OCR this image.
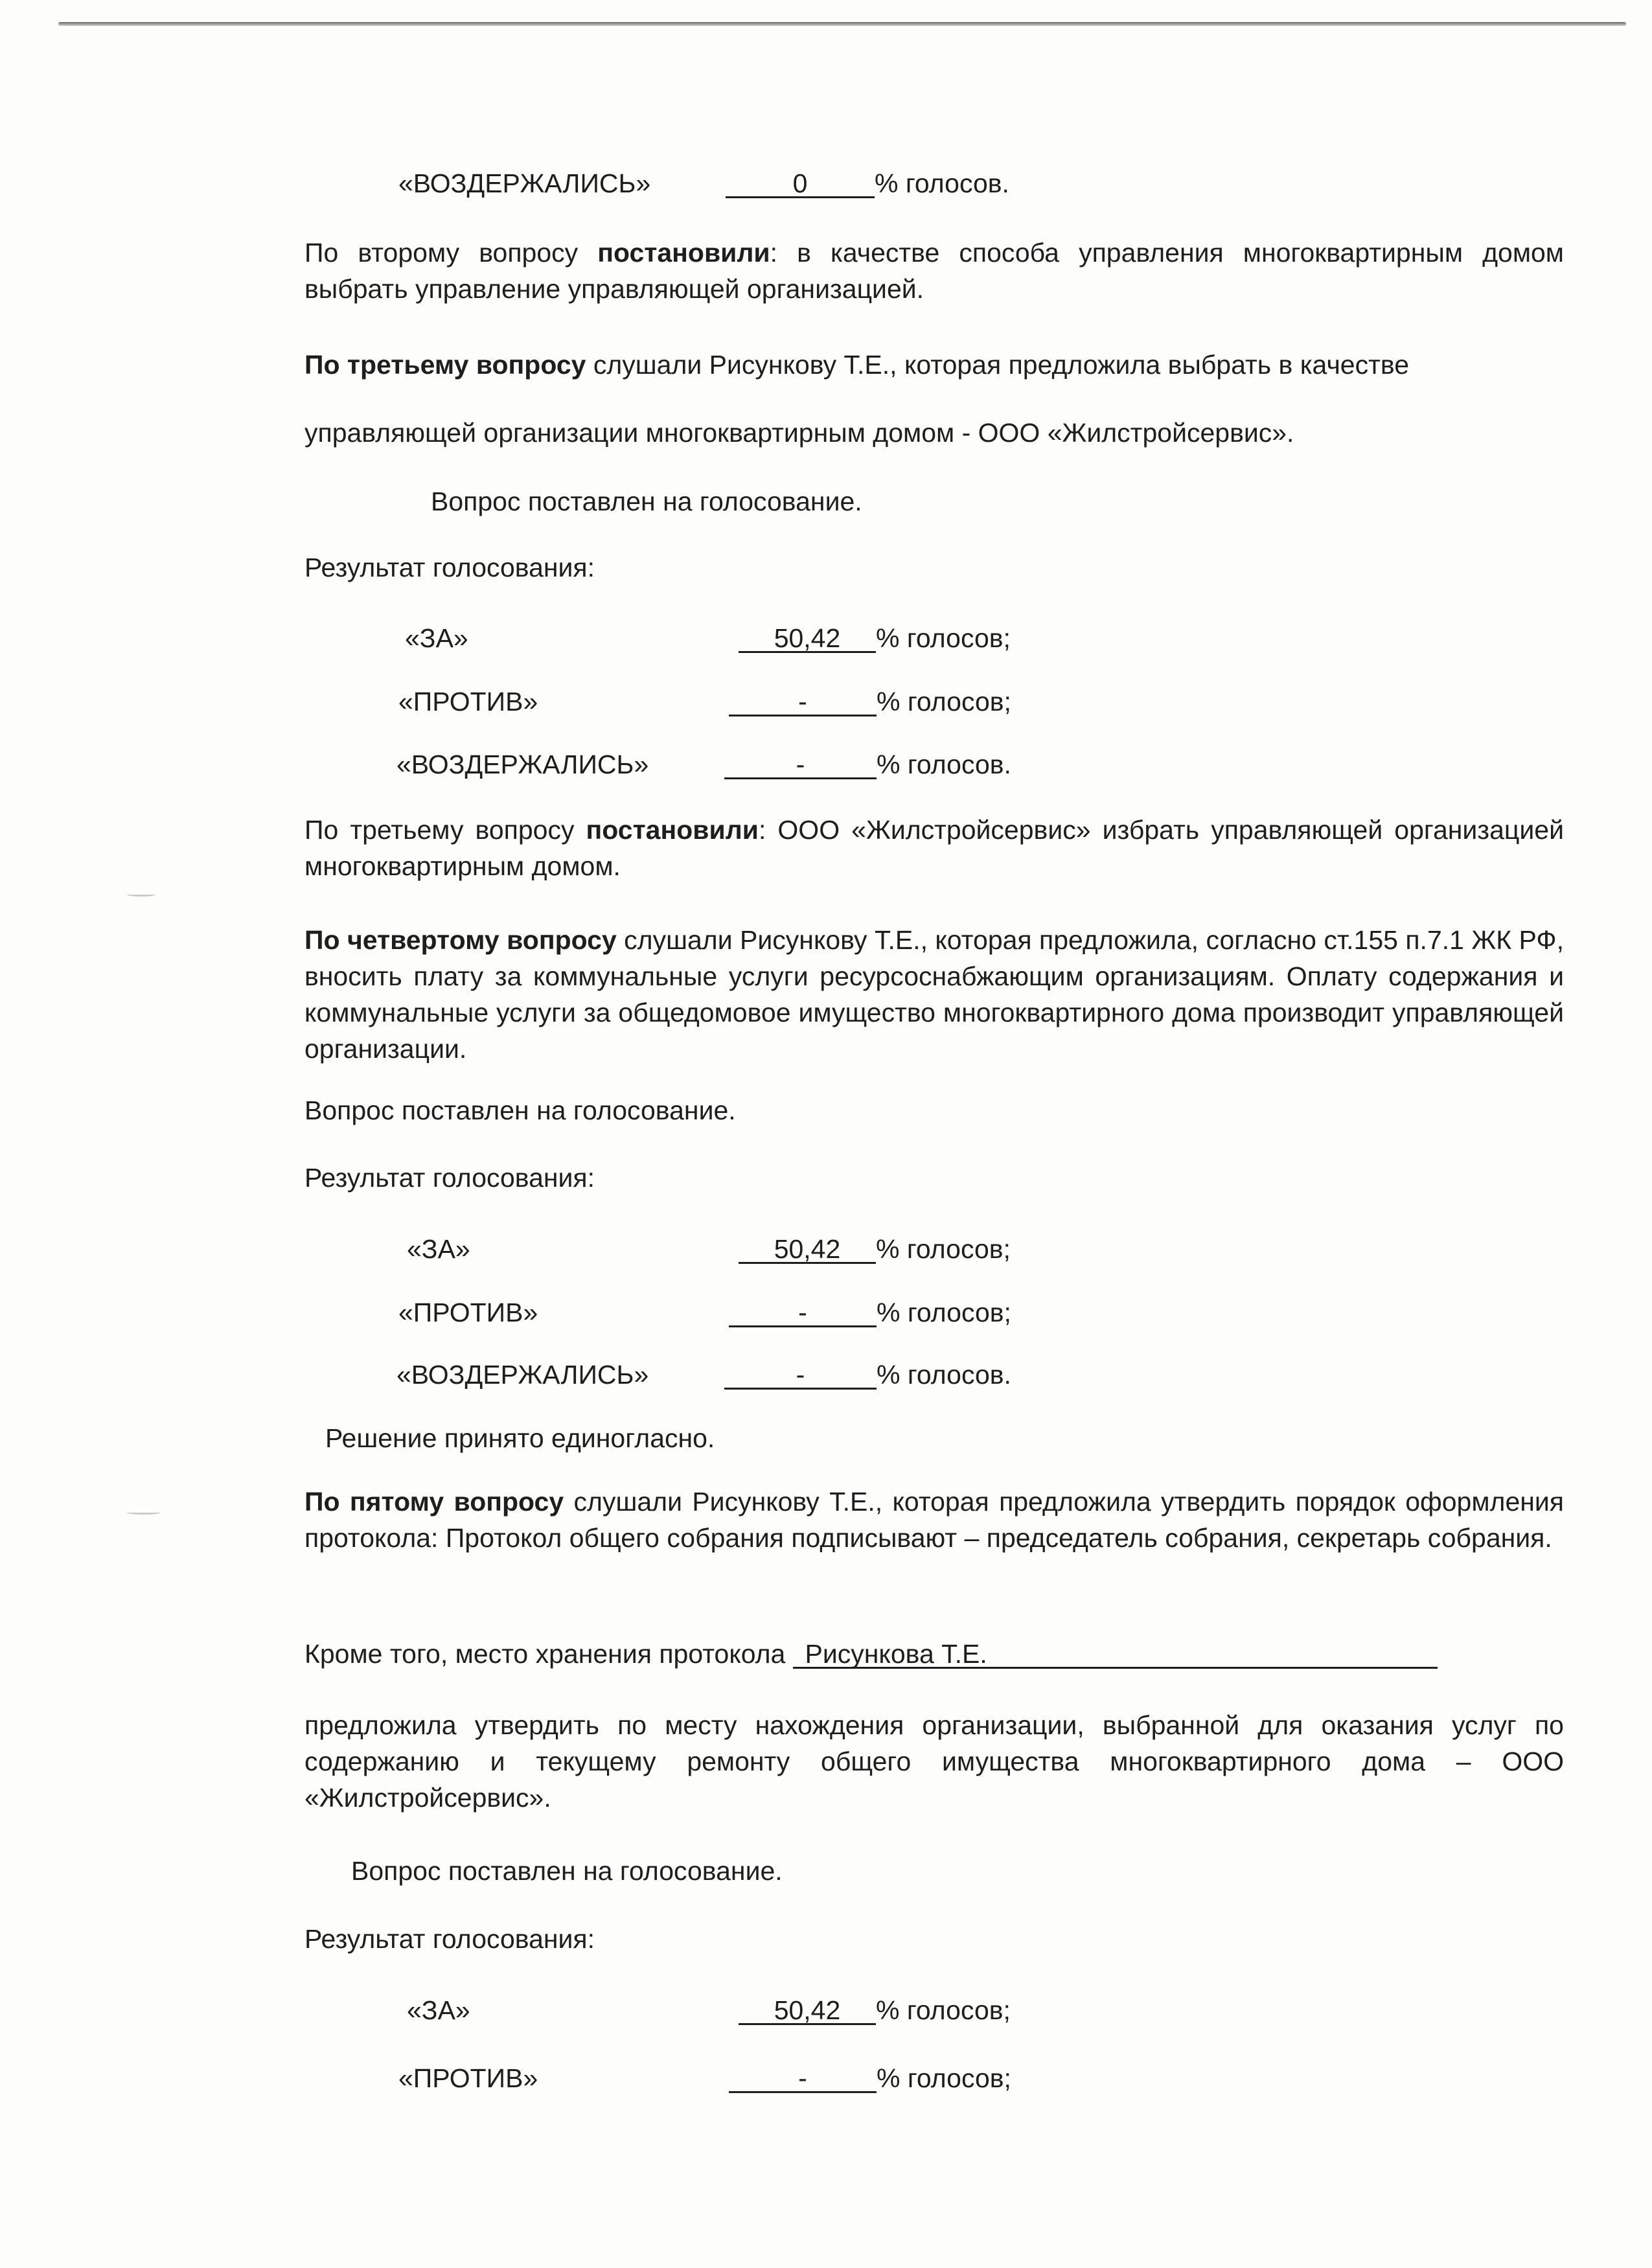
«ВОЗДЕРЖАЛИСЬ»	0	% голосов.
По второму вопросу постановили: в качестве способа управления многоквартирным домом выбрать управление управляющей организацией.
По третьему вопросу слушали Рисункову Т.Е., которая предложила выбрать в качестве
управляющей организации многоквартирным домом - ООО «Жилстройсервис».
Вопрос поставлен на голосование.
Результат голосования:
«ЗА»	50,42 % голосов;
«ПРОТИВ»	-	% голосов;
«ВОЗДЕРЖАЛИСЬ»	-	% голосов.
По третьему вопросу постановили: ООО «Жилстройсервис» избрать управляющей организацией многоквартирным домом.
По четвертому вопросу слушали Рисункову Т.Е., которая предложила, согласно ст.155 п.7.1 ЖК РФ, вносить плату за коммунальные услуги ресурсоснабжающим организациям. Оплату содержания и коммунальные услуги за общедомовое имущество многоквартирного дома производит управляющей организации.
Вопрос поставлен на голосование.
Результат голосования:
«ЗА»	50,42 % голосов;
«ПРОТИВ»	-	% голосов;
«ВОЗДЕРЖАЛИСЬ»	-	% голосов.
Решение принято единогласно.
По пятому вопросу слушали Рисункову Т.Е., которая предложила утвердить порядок оформления протокола: Протокол общего собрания подписывают – председатель собрания, секретарь собрания.
Кроме того, место хранения протокола Рисункова Т.Е.
предложила утвердить по месту нахождения организации, выбранной для оказания услуг по содержанию и текущему ремонту общего имущества многоквартирного дома – ООО «Жилстройсервис».
Вопрос поставлен на голосование.
Результат голосования:
«ЗА»	50,42 % голосов;
«ПРОТИВ»	-	% голосов;
